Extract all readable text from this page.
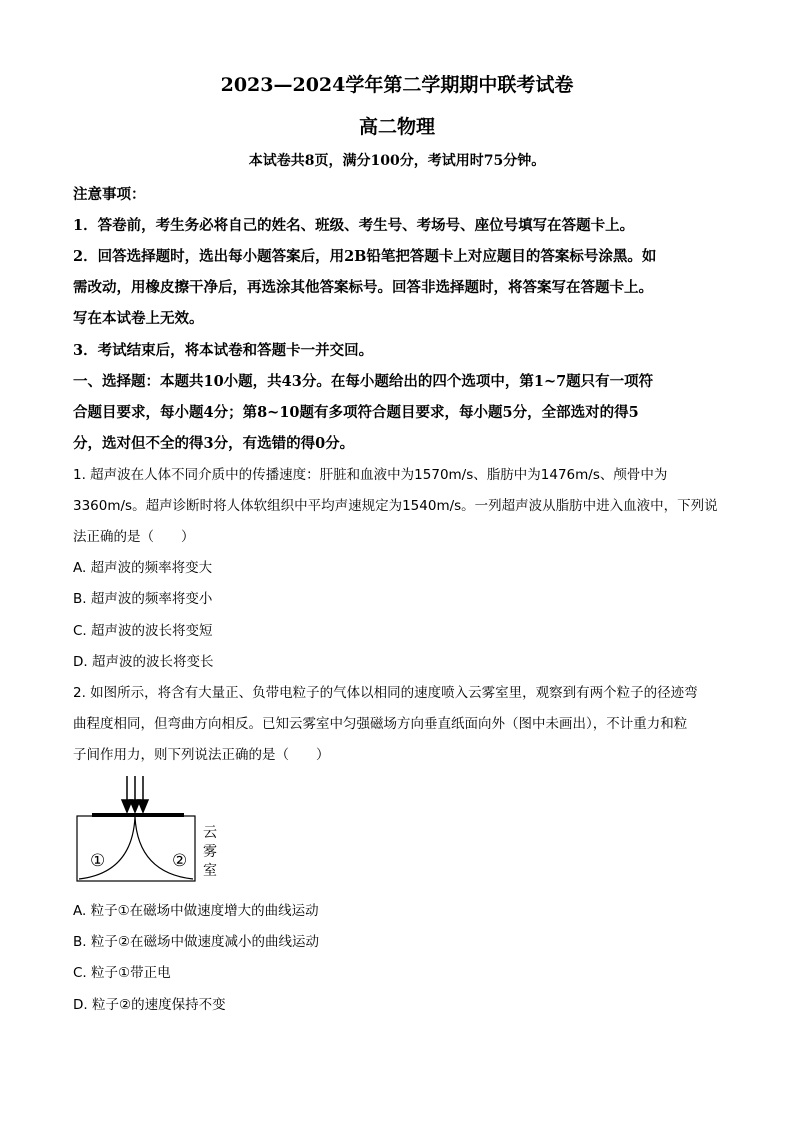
2023—2024学年第二学期期中联考试卷
高二物理
本试卷共8页，满分100分，考试用时75分钟。
注意事项：
1．答卷前，考生务必将自己的姓名、班级、考生号、考场号、座位号填写在答题卡上。
2．回答选择题时，选出每小题答案后，用2B铅笔把答题卡上对应题目的答案标号涂黑。如
需改动，用橡皮擦干净后，再选涂其他答案标号。回答非选择题时，将答案写在答题卡上。
写在本试卷上无效。
3．考试结束后，将本试卷和答题卡一并交回。
一、选择题：本题共10小题，共43分。在每小题给出的四个选项中，第1~7题只有一项符
合题目要求，每小题4分；第8~10题有多项符合题目要求，每小题5分，全部选对的得5
分，选对但不全的得3分，有选错的得0分。
1. 超声波在人体不同介质中的传播速度：肝脏和血液中为1570m/s、脂肪中为1476m/s、颅骨中为
3360m/s。超声诊断时将人体软组织中平均声速规定为1540m/s。一列超声波从脂肪中进入血液中，下列说
法正确的是（　　）
A. 超声波的频率将变大
B. 超声波的频率将变小
C. 超声波的波长将变短
D. 超声波的波长将变长
2. 如图所示，将含有大量正、负带电粒子的气体以相同的速度喷入云雾室里，观察到有两个粒子的径迹弯
曲程度相同，但弯曲方向相反。已知云雾室中匀强磁场方向垂直纸面向外（图中未画出），不计重力和粒
子间作用力，则下列说法正确的是（　　）
①	②
云
雾
室
A. 粒子①在磁场中做速度增大的曲线运动
B. 粒子②在磁场中做速度减小的曲线运动
C. 粒子①带正电
D. 粒子②的速度保持不变
